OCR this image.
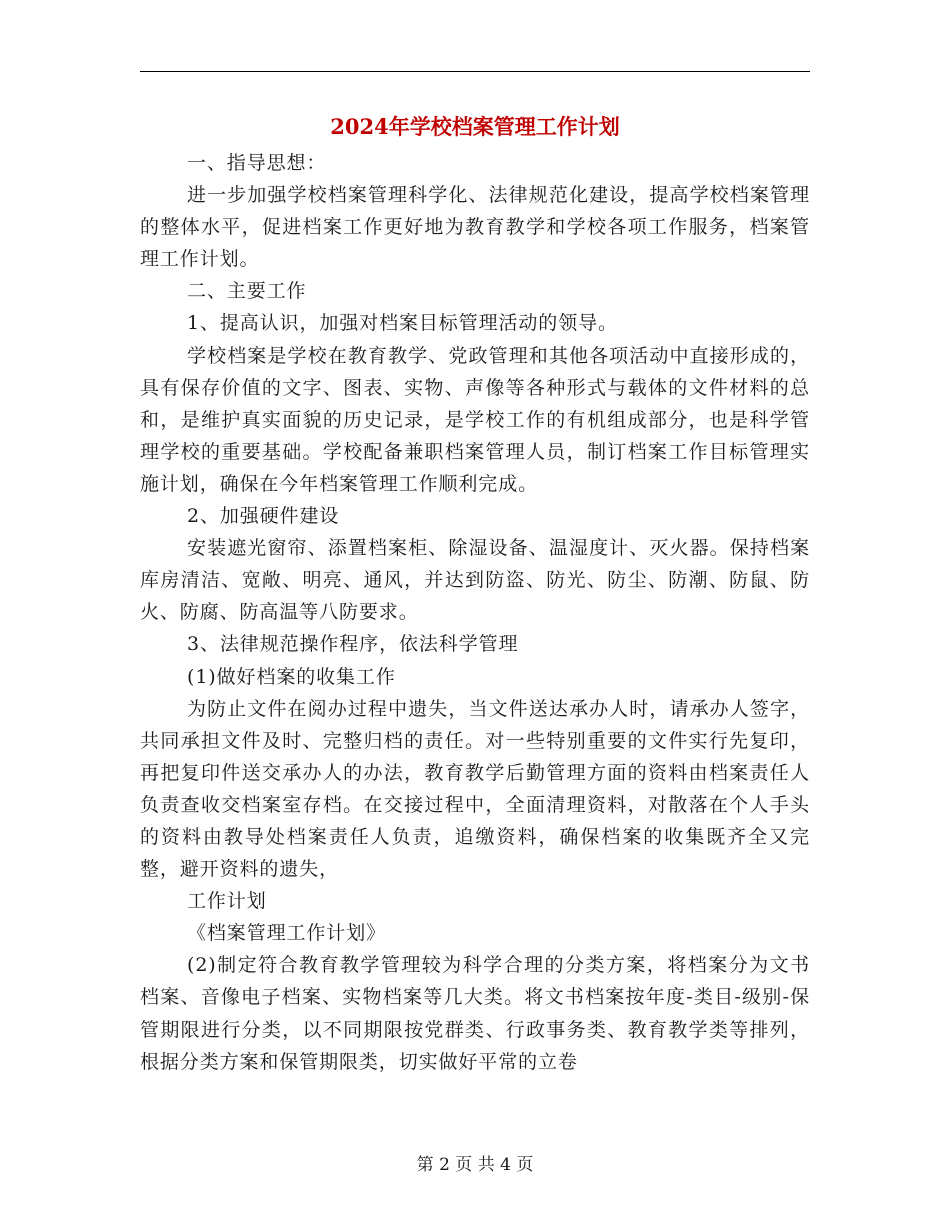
2024年学校档案管理工作计划

一、指导思想：

进一步加强学校档案管理科学化、法律规范化建设，提高学校档案管理的整体水平，促进档案工作更好地为教育教学和学校各项工作服务，档案管理工作计划。

二、主要工作

1、提高认识，加强对档案目标管理活动的领导。

学校档案是学校在教育教学、党政管理和其他各项活动中直接形成的，具有保存价值的文字、图表、实物、声像等各种形式与载体的文件材料的总和，是维护真实面貌的历史记录，是学校工作的有机组成部分，也是科学管理学校的重要基础。学校配备兼职档案管理人员，制订档案工作目标管理实施计划，确保在今年档案管理工作顺利完成。

2、加强硬件建设

安装遮光窗帘、添置档案柜、除湿设备、温湿度计、灭火器。保持档案库房清洁、宽敞、明亮、通风，并达到防盗、防光、防尘、防潮、防鼠、防火、防腐、防高温等八防要求。

3、法律规范操作程序，依法科学管理

(1)做好档案的收集工作

为防止文件在阅办过程中遗失，当文件送达承办人时，请承办人签字，共同承担文件及时、完整归档的责任。对一些特别重要的文件实行先复印，再把复印件送交承办人的办法，教育教学后勤管理方面的资料由档案责任人负责查收交档案室存档。在交接过程中，全面清理资料，对散落在个人手头的资料由教导处档案责任人负责，追缴资料，确保档案的收集既齐全又完整，避开资料的遗失，

工作计划

《档案管理工作计划》

(2)制定符合教育教学管理较为科学合理的分类方案，将档案分为文书档案、音像电子档案、实物档案等几大类。将文书档案按年度-类目-级别-保管期限进行分类，以不同期限按党群类、行政事务类、教育教学类等排列，根据分类方案和保管期限类，切实做好平常的立卷

第 2 页 共 4 页
